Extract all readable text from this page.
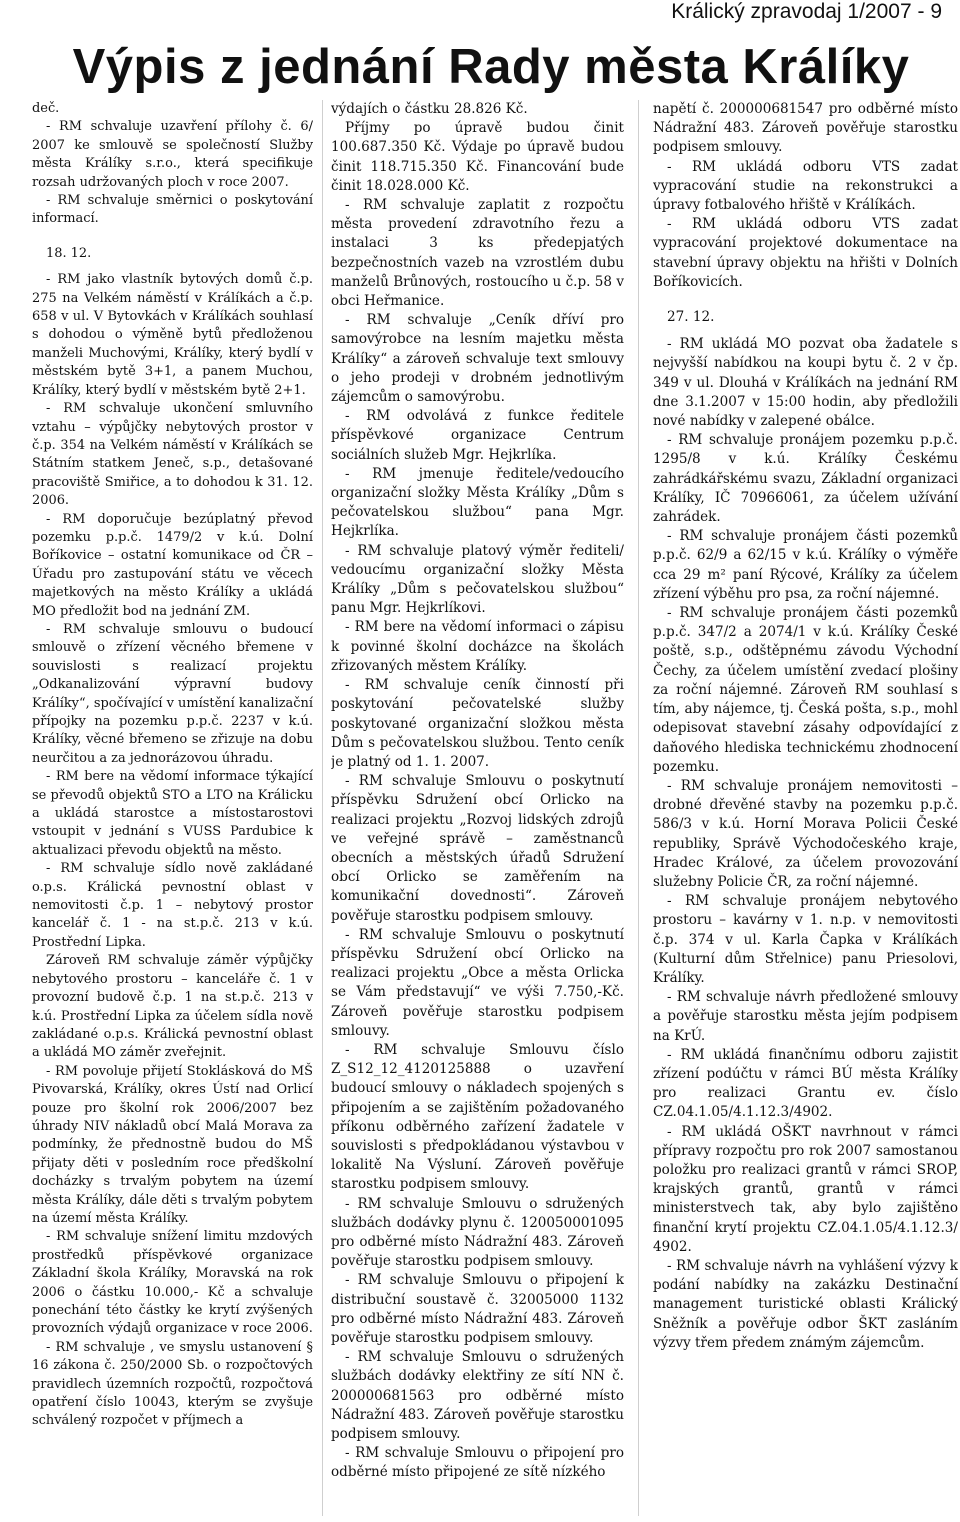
Králický zpravodaj 1/2007 - 9
Výpis z jednání Rady města Králíky

deč.

- RM schvaluje uzavření přílohy č. 6/ 2007 ke smlouvě se společností Služby města Králíky s.r.o., která specifikuje rozsah udržovaných ploch v roce 2007.

- RM schvaluje směrnici o poskytování informací.

18. 12.

- RM jako vlastník bytových domů č.p. 275 na Velkém náměstí v Králíkách a č.p. 658 v ul. V Bytovkách v Králíkách souhlasí s dohodou o výměně bytů předloženou manželi Muchovými, Králíky, který bydlí v městském bytě 3+1, a panem Muchou, Králíky, který bydlí v městském bytě 2+1.

- RM schvaluje ukončení smluvního vztahu – výpůjčky nebytových prostor v č.p. 354 na Velkém náměstí v Králíkách se Státním statkem Jeneč, s.p., detašované pracoviště Smiřice, a to dohodou k 31. 12. 2006.

- RM doporučuje bezúplatný převod pozemku p.p.č. 1479/2 v k.ú. Dolní Boříkovice – ostatní komunikace od ČR – Úřadu pro zastupování státu ve věcech majetkových na město Králíky a ukládá MO předložit bod na jednání ZM.

- RM schvaluje smlouvu o budoucí smlouvě o zřízení věcného břemene v souvislosti s realizací projektu „Odkanalizování výpravní budovy Králíky“, spočívající v umístění kanalizační přípojky na pozemku p.p.č. 2237 v k.ú. Králíky, věcné břemeno se zřizuje na dobu neurčitou a za jednorázovou úhradu.

- RM bere na vědomí informace týkající se převodů objektů STO a LTO na Králicku a ukládá starostce a místostarostovi vstoupit v jednání s VUSS Pardubice k aktualizaci převodu objektů na město.

- RM schvaluje sídlo nově zakládané o.p.s. Králická pevnostní oblast v nemovitosti č.p. 1 – nebytový prostor kancelář č. 1 - na st.p.č. 213 v k.ú. Prostřední Lipka.

Zároveň RM schvaluje záměr výpůjčky nebytového prostoru – kanceláře č. 1 v provozní budově č.p. 1 na st.p.č. 213 v k.ú. Prostřední Lipka za účelem sídla nově zakládané o.p.s. Králická pevnostní oblast a ukládá MO záměr zveřejnit.

- RM povoluje přijetí Stoklásková do MŠ Pivovarská, Králíky, okres Ústí nad Orlicí pouze pro školní rok 2006/2007 bez úhrady NIV nákladů obcí Malá Morava za podmínky, že přednostně budou do MŠ přijaty děti v posledním roce předškolní docházky s trvalým pobytem na území města Králíky, dále děti s trvalým pobytem na území města Králíky.

- RM schvaluje snížení limitu mzdových prostředků příspěvkové organizace Základní škola Králíky, Moravská na rok 2006 o částku 10.000,- Kč a schvaluje ponechání této částky ke krytí zvýšených provozních výdajů organizace v roce 2006.

- RM schvaluje , ve smyslu ustanovení § 16 zákona č. 250/2000 Sb. o rozpočtových pravidlech územních rozpočtů, rozpočtová opatření číslo 10043, kterým se zvyšuje schválený rozpočet v příjmech a

výdajích o částku 28.826 Kč.

Příjmy po úpravě budou činit 100.687.350 Kč. Výdaje po úpravě budou činit 118.715.350 Kč. Financování bude činit 18.028.000 Kč.

- RM schvaluje zaplatit z rozpočtu města provedení zdravotního řezu a instalaci 3 ks předepjatých bezpečnostních vazeb na vzrostlém dubu manželů Brůnových, rostoucího u č.p. 58 v obci Heřmanice.

- RM schvaluje „Ceník dříví pro samovýrobce na lesním majetku města Králíky“ a zároveň schvaluje text smlouvy o jeho prodeji v drobném jednotlivým zájemcům o samovýrobu.

- RM odvolává z funkce ředitele příspěvkové organizace Centrum sociálních služeb Mgr. Hejkrlíka.

- RM jmenuje ředitele/vedoucího organizační složky Města Králíky „Dům s pečovatelskou službou“ pana Mgr. Hejkrlíka.

- RM schvaluje platový výměr řediteli/ vedoucímu organizační složky Města Králíky „Dům s pečovatelskou službou“ panu Mgr. Hejkrlíkovi.

- RM bere na vědomí informaci o zápisu k povinné školní docházce na školách zřizovaných městem Králíky.

- RM schvaluje ceník činností při poskytování pečovatelské služby poskytované organizační složkou města Dům s pečovatelskou službou. Tento ceník je platný od 1. 1. 2007.

- RM schvaluje Smlouvu o poskytnutí příspěvku Sdružení obcí Orlicko na realizaci projektu „Rozvoj lidských zdrojů ve veřejné správě – zaměstnanců obecních a městských úřadů Sdružení obcí Orlicko se zaměřením na komunikační dovednosti“. Zároveň pověřuje starostku podpisem smlouvy.

- RM schvaluje Smlouvu o poskytnutí příspěvku Sdružení obcí Orlicko na realizaci projektu „Obce a města Orlicka se Vám představují“ ve výši 7.750,-Kč. Zároveň pověřuje starostku podpisem smlouvy.

- RM schvaluje Smlouvu číslo Z_S12_12_4120125888 o uzavření budoucí smlouvy o nákladech spojených s připojením a se zajištěním požadovaného příkonu odběrného zařízení žadatele v souvislosti s předpokládanou výstavbou v lokalitě Na Výsluní. Zároveň pověřuje starostku podpisem smlouvy.

- RM schvaluje Smlouvu o sdružených službách dodávky plynu č. 120050001095 pro odběrné místo Nádražní 483. Zároveň pověřuje starostku podpisem smlouvy.

- RM schvaluje Smlouvu o připojení k distribuční soustavě č. 32005000 1132 pro odběrné místo Nádražní 483. Zároveň pověřuje starostku podpisem smlouvy.

- RM schvaluje Smlouvu o sdružených službách dodávky elektřiny ze sítí NN č. 200000681563 pro odběrné místo Nádražní 483. Zároveň pověřuje starostku podpisem smlouvy.

- RM schvaluje Smlouvu o připojení pro odběrné místo připojené ze sítě nízkého

napětí č. 200000681547 pro odběrné místo Nádražní 483. Zároveň pověřuje starostku podpisem smlouvy.

- RM ukládá odboru VTS zadat vypracování studie na rekonstrukci a úpravy fotbalového hřiště v Králíkách.

- RM ukládá odboru VTS zadat vypracování projektové dokumentace na stavební úpravy objektu na hřišti v Dolních Boříkovicích.

27. 12.

- RM ukládá MO pozvat oba žadatele s nejvyšší nabídkou na koupi bytu č. 2 v čp. 349 v ul. Dlouhá v Králíkách na jednání RM dne 3.1.2007 v 15:00 hodin, aby předložili nové nabídky v zalepené obálce.

- RM schvaluje pronájem pozemku p.p.č. 1295/8 v k.ú. Králíky Českému zahrádkářskému svazu, Základní organizaci Králíky, IČ 70966061, za účelem užívání zahrádek.

- RM schvaluje pronájem části pozemků p.p.č. 62/9 a 62/15 v k.ú. Králíky o výměře cca 29 m² paní Rýcové, Králíky za účelem zřízení výběhu pro psa, za roční nájemné.

- RM schvaluje pronájem části pozemků p.p.č. 347/2 a 2074/1 v k.ú. Králíky České poště, s.p., odštěpnému závodu Východní Čechy, za účelem umístění zvedací plošiny za roční nájemné. Zároveň RM souhlasí s tím, aby nájemce, tj. Česká pošta, s.p., mohl odepisovat stavební zásahy odpovídající z daňového hlediska technickému zhodnocení pozemku.

- RM schvaluje pronájem nemovitosti – drobné dřevěné stavby na pozemku p.p.č. 586/3 v k.ú. Horní Morava Policii České republiky, Správě Východočeského kraje, Hradec Králové, za účelem provozování služebny Policie ČR, za roční nájemné.

- RM schvaluje pronájem nebytového prostoru – kavárny v 1. n.p. v nemovitosti č.p. 374 v ul. Karla Čapka v Králíkách (Kulturní dům Střelnice) panu Priesolovi, Králíky.

- RM schvaluje návrh předložené smlouvy a pověřuje starostku města jejím podpisem na KrÚ.

- RM ukládá finančnímu odboru zajistit zřízení podúčtu v rámci BÚ města Králíky pro realizaci Grantu ev. číslo CZ.04.1.05/4.1.12.3/4902.

- RM ukládá OŠKT navrhnout v rámci přípravy rozpočtu pro rok 2007 samostanou položku pro realizaci grantů v rámci SROP, krajských grantů, grantů v rámci ministerstvech tak, aby bylo zajištěno finanční krytí projektu CZ.04.1.05/4.1.12.3/ 4902.

- RM schvaluje návrh na vyhlášení výzvy k podání nabídky na zakázku Destinační management turistické oblasti Králický Sněžník a pověřuje odbor ŠKT zasláním výzvy třem předem známým zájemcům.
